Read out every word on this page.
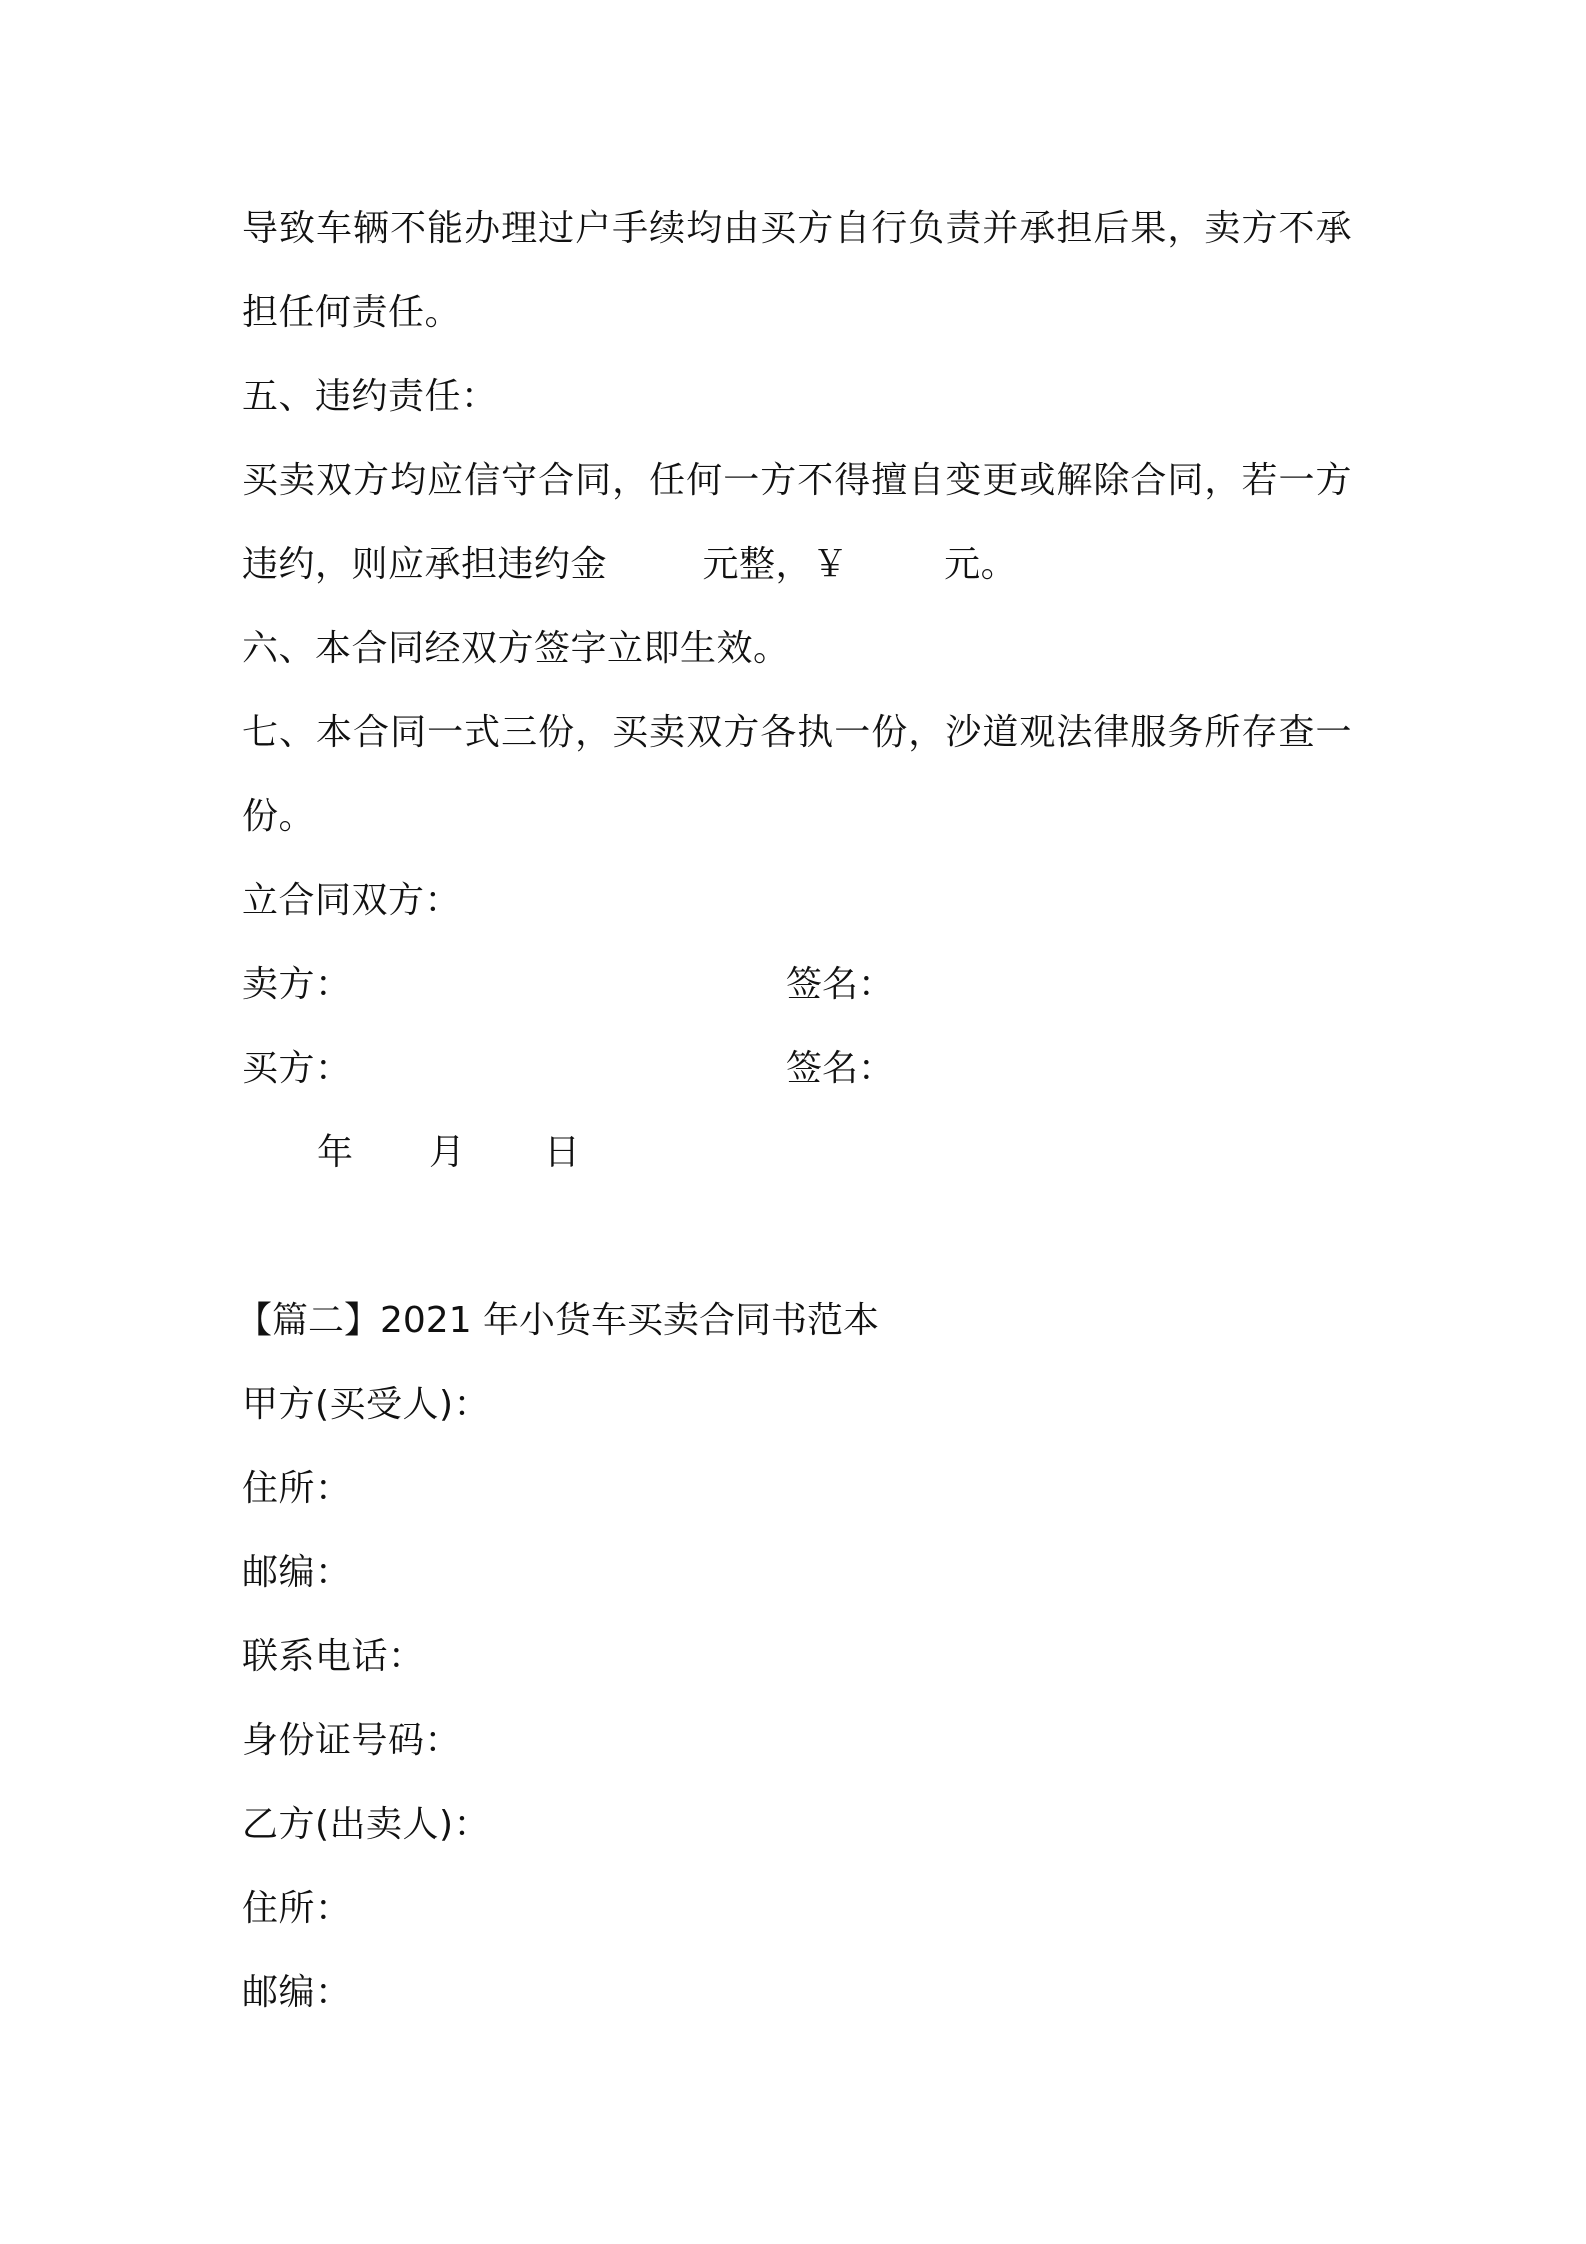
导致车辆不能办理过户手续均由买方自行负责并承担后果，卖方不承
担任何责任。
五、违约责任：
买卖双方均应信守合同，任何一方不得擅自变更或解除合同，若一方
违约，则应承担违约金        元整，￥        元。
六、本合同经双方签字立即生效。
七、本合同一式三份，买卖双方各执一份，沙道观法律服务所存查一
份。
立合同双方：
卖方：	签名：
买方：	签名：
年 月 日
【篇二】2021 年小货车买卖合同书范本
甲方(买受人)：
住所：
邮编：
联系电话：
身份证号码：
乙方(出卖人)：
住所：
邮编：
